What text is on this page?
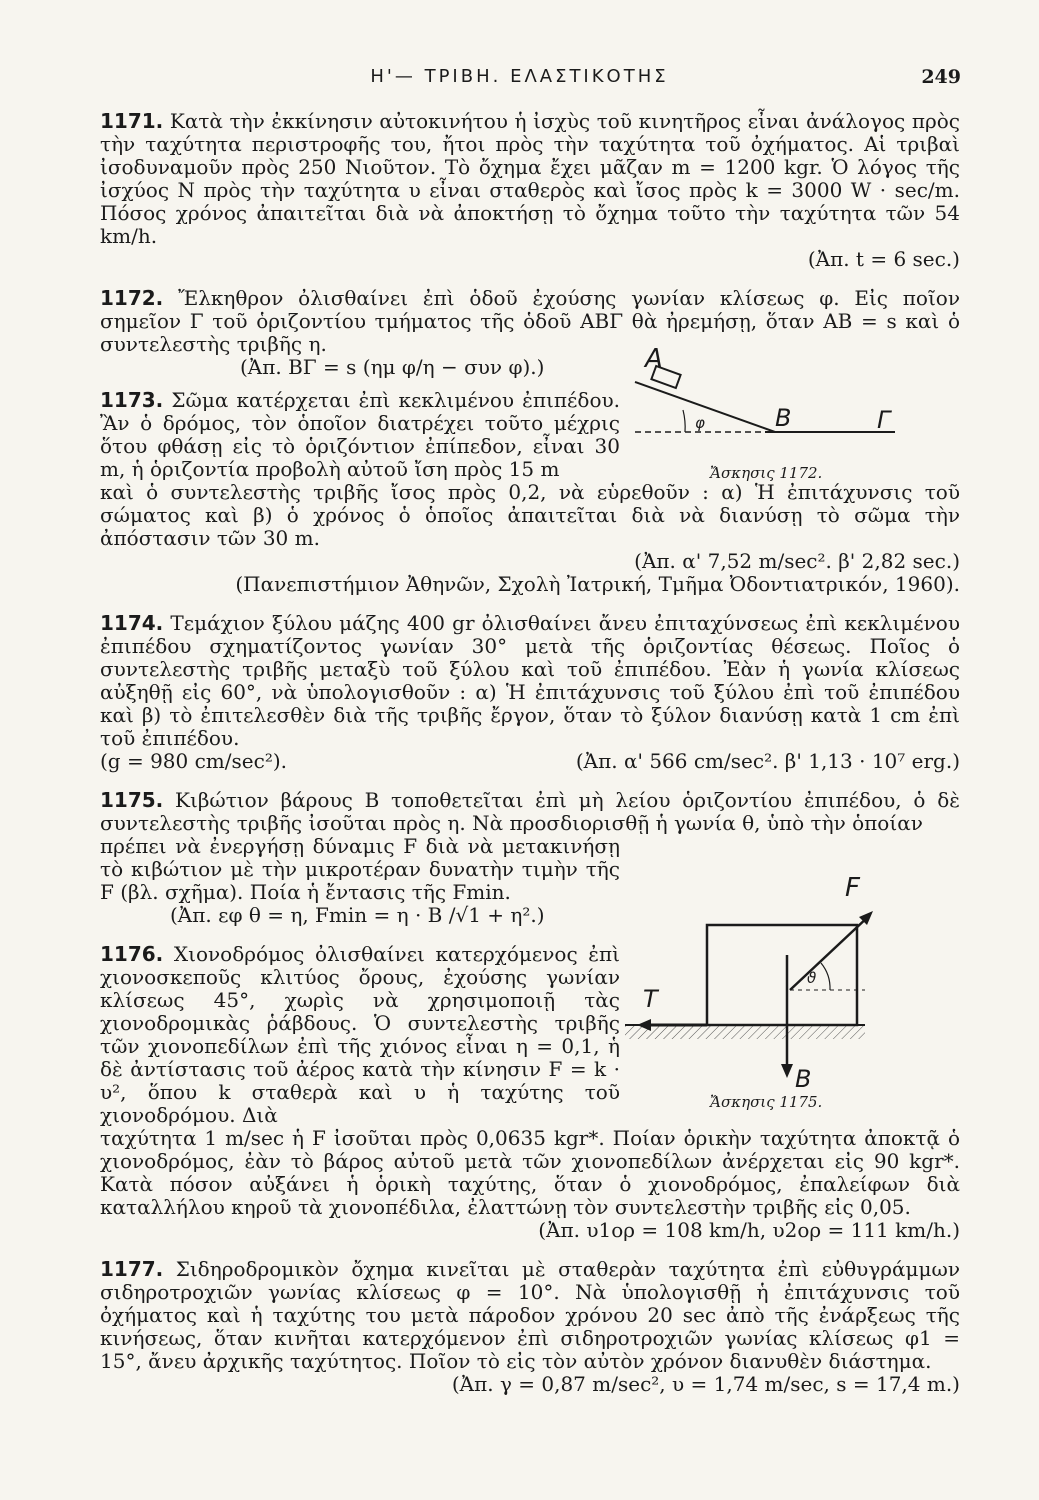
Η'— ΤΡΙΒΗ. ΕΛΑΣΤΙΚΟΤΗΣ	249

1171. Κατὰ τὴν ἐκκίνησιν αὐτοκινήτου ἡ ἰσχὺς τοῦ κινητῆρος εἶναι ἀνάλογος πρὸς τὴν ταχύτητα περιστροφῆς του, ἤτοι πρὸς τὴν ταχύτητα τοῦ ὀχήματος. Αἱ τριβαὶ ἰσοδυναμοῦν πρὸς 250 Νιοῦτον. Τὸ ὄχημα ἔχει μᾶζαν m = 1200 kgr. Ὁ λόγος τῆς ἰσχύος N πρὸς τὴν ταχύτητα υ εἶναι σταθερὸς καὶ ἴσος πρὸς k = 3000 W · sec/m. Πόσος χρόνος ἀπαιτεῖται διὰ νὰ ἀποκτήσῃ τὸ ὄχημα τοῦτο τὴν ταχύτητα τῶν 54 km/h.

(Ἀπ. t = 6 sec.)

1172. Ἔλκηθρον ὀλισθαίνει ἐπὶ ὁδοῦ ἐχούσης γωνίαν κλίσεως φ. Εἰς ποῖον σημεῖον Γ τοῦ ὁριζοντίου τμήματος τῆς ὁδοῦ ΑΒΓ θὰ ἠρεμήσῃ, ὅταν ΑΒ = s καὶ ὁ συντελεστὴς τριβῆς η.

(Ἀπ. ΒΓ = s (ημ φ/η − συν φ).)

1173. Σῶμα κατέρχεται ἐπὶ κεκλιμένου ἐπιπέδου. Ἂν ὁ δρόμος, τὸν ὁποῖον διατρέχει τοῦτο μέχρις ὅτου φθάσῃ εἰς τὸ ὁριζόντιον ἐπίπεδον, εἶναι 30 m, ἡ ὁριζοντία προβολὴ αὐτοῦ ἴση πρὸς 15 m

καὶ ὁ συντελεστὴς τριβῆς ἴσος πρὸς 0,2, νὰ εὑρεθοῦν : α) Ἡ ἐπιτάχυνσις τοῦ σώματος καὶ β) ὁ χρόνος ὁ ὁποῖος ἀπαιτεῖται διὰ νὰ διανύσῃ τὸ σῶμα τὴν ἀπόστασιν τῶν 30 m.

(Ἀπ. α' 7,52 m/sec². β' 2,82 sec.)

(Πανεπιστήμιον Ἀθηνῶν, Σχολὴ Ἰατρική, Τμῆμα Ὀδοντιατρικόν, 1960).

1174. Τεμάχιον ξύλου μάζης 400 gr ὀλισθαίνει ἄνευ ἐπιταχύνσεως ἐπὶ κεκλιμένου ἐπιπέδου σχηματίζοντος γωνίαν 30° μετὰ τῆς ὁριζοντίας θέσεως. Ποῖος ὁ συντελεστὴς τριβῆς μεταξὺ τοῦ ξύλου καὶ τοῦ ἐπιπέδου. Ἐὰν ἡ γωνία κλίσεως αὐξηθῇ εἰς 60°, νὰ ὑπολογισθοῦν : α) Ἡ ἐπιτάχυνσις τοῦ ξύλου ἐπὶ τοῦ ἐπιπέδου καὶ β) τὸ ἐπιτελεσθὲν διὰ τῆς τριβῆς ἔργον, ὅταν τὸ ξύλον διανύσῃ κατὰ 1 cm ἐπὶ τοῦ ἐπιπέδου.

(g = 980 cm/sec²).	(Ἀπ. α' 566 cm/sec². β' 1,13 · 10⁷ erg.)

1175. Κιβώτιον βάρους Β τοποθετεῖται ἐπὶ μὴ λείου ὁριζοντίου ἐπιπέδου, ὁ δὲ συντελεστὴς τριβῆς ἰσοῦται πρὸς η. Νὰ προσδιορισθῇ ἡ γωνία θ, ὑπὸ τὴν ὁποίαν

πρέπει νὰ ἐνεργήσῃ δύναμις F διὰ νὰ μετακινήσῃ τὸ κιβώτιον μὲ τὴν μικροτέραν δυνατὴν τιμὴν τῆς F (βλ. σχῆμα). Ποία ἡ ἔντασις τῆς Fmin.

(Ἀπ. εφ θ = η, Fmin = η · Β /√1 + η².)

1176. Χιονοδρόμος ὀλισθαίνει κατερχόμενος ἐπὶ χιονοσκεποῦς κλιτύος ὄρους, ἐχούσης γωνίαν κλίσεως 45°, χωρὶς νὰ χρησιμοποιῇ τὰς χιονοδρομικὰς ῥάβδους. Ὁ συντελεστὴς τριβῆς τῶν χιονοπεδίλων ἐπὶ τῆς χιόνος εἶναι η = 0,1, ἡ δὲ ἀντίστασις τοῦ ἀέρος κατὰ τὴν κίνησιν F = k · υ², ὅπου k σταθερὰ καὶ υ ἡ ταχύτης τοῦ χιονοδρόμου. Διὰ

ταχύτητα 1 m/sec ἡ F ἰσοῦται πρὸς 0,0635 kgr*. Ποίαν ὁρικὴν ταχύτητα ἀποκτᾷ ὁ χιονοδρόμος, ἐὰν τὸ βάρος αὐτοῦ μετὰ τῶν χιονοπεδίλων ἀνέρχεται εἰς 90 kgr*. Κατὰ πόσον αὐξάνει ἡ ὁρικὴ ταχύτης, ὅταν ὁ χιονοδρόμος, ἐπαλείφων διὰ καταλλήλου κηροῦ τὰ χιονοπέδιλα, ἐλαττώνῃ τὸν συντελεστὴν τριβῆς εἰς 0,05.

(Ἀπ. υ1ορ = 108 km/h, υ2ορ = 111 km/h.)

1177. Σιδηροδρομικὸν ὄχημα κινεῖται μὲ σταθερὰν ταχύτητα ἐπὶ εὐθυγράμμων σιδηροτροχιῶν γωνίας κλίσεως φ = 10°. Νὰ ὑπολογισθῇ ἡ ἐπιτάχυνσις τοῦ ὀχήματος καὶ ἡ ταχύτης του μετὰ πάροδον χρόνου 20 sec ἀπὸ τῆς ἐνάρξεως τῆς κινήσεως, ὅταν κινῆται κατερχόμενον ἐπὶ σιδηροτροχιῶν γωνίας κλίσεως φ1 = 15°, ἄνευ ἀρχικῆς ταχύτητος. Ποῖον τὸ εἰς τὸν αὐτὸν χρόνον διανυθὲν διάστημα.

(Ἀπ. γ = 0,87 m/sec², υ = 1,74 m/sec, s = 17,4 m.)

A
B	Γ
φ
Ἄσκησις 1172.
F
T
B
ϑ
Ἄσκησις 1175.
